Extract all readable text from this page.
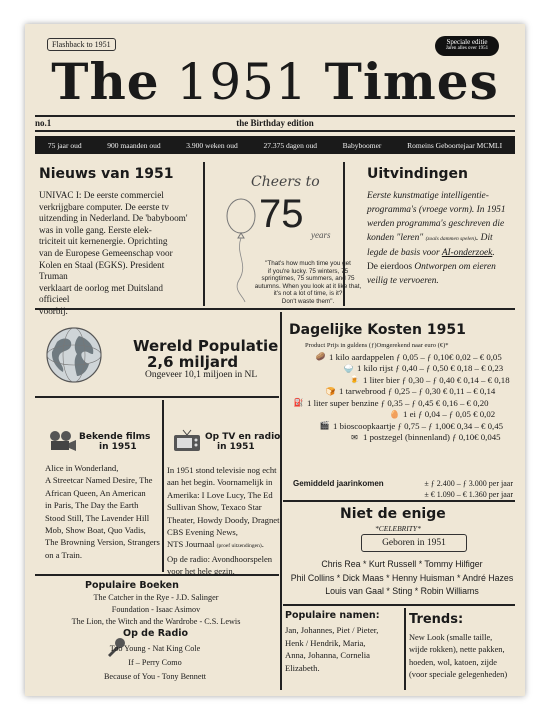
Flashback to 1951	Speciale editie
Jaren alles over 1951
The 1951 Times
no.1	the Birthday edition
75 jaar oud	900 maanden oud	3.900 weken oud	27.375 dagen oud	Babyboomer	Romeins Geboortejaar MCMLI
Nieuws van 1951
UNIVAC I: De eerste commerciel
verkrijgbare computer. De eerste tv
uitzending in Nederland. De 'babyboom'
was in volle gang. Eerste elek-
triciteit uit kernenergie. Oprichting
van de Europese Gemeenschap voor
Kolen en Staal (EGKS). President Truman
verklaart de oorlog met Duitsland officieel
voorbij.
Cheers to
75 years
"That's how much time you get
if you're lucky. 75 winters, 75
springtimes, 75 summers, and 75
autumns. When you look at it like that,
it's not a lot of time, is it?
Don't waste them".
Uitvindingen
Eerste kunstmatige intelligentie-
programma's (vroege vorm). In 1951
werden programma's geschreven die
konden "leren" (zoals dammen spelen). Dit
legde de basis voor AI-onderzoek.
De eierdoos Ontworpen om eieren
veilig te vervoeren.
Wereld Populatie
2,6 miljard
Ongeveer 10,1 miljoen in NL
Dagelijke Kosten 1951
Product Prijs in guldens (ƒ)Omgerekend naar euro (€)*
🥔 1 kilo aardappelen ƒ 0,05 – ƒ 0,10€ 0,02 – € 0,05
🍚 1 kilo rijst ƒ 0,40 – ƒ 0,50 € 0,18 – € 0,23
🍺 1 liter bier ƒ 0,30 – ƒ 0,40 € 0,14 – € 0,18
🍞 1 tarwebrood ƒ 0,25 – ƒ 0,30 € 0,11 – € 0,14
⛽ 1 liter super benzine ƒ 0,35 – ƒ 0,45 € 0,16 – € 0,20
🥚 1 ei ƒ 0,04 – ƒ 0,05 € 0,02
🎬 1 bioscoopkaartje ƒ 0,75 – ƒ 1,00€ 0,34 – € 0,45
✉ 1 postzegel (binnenland) ƒ 0,10€ 0,045
Gemiddeld jaarinkomen	± ƒ 2.400 – ƒ 3.000 per jaar
± € 1.090 – € 1.360 per jaar
Bekende films
in 1951
Alice in Wonderland,
A Streetcar Named Desire, The
African Queen, An American
in Paris, The Day the Earth
Stood Still, The Lavender Hill
Mob, Show Boat, Quo Vadis,
The Browning Version, Strangers
on a Train.
Op TV en radio
in 1951
In 1951 stond televisie nog echt
aan het begin. Voornamelijk in
Amerika: I Love Lucy, The Ed
Sullivan Show, Texaco Star
Theater, Howdy Doody, Dragnet
CBS Evening News,
NTS Journaal (proef uitzendingen).
Op de radio: Avondhoorspelen
voor het hele gezin.
Niet de enige
*CELEBRITY*
Geboren in 1951
Chris Rea * Kurt Russell * Tommy Hilfiger
Phil Collins * Dick Maas * Henny Huisman * André Hazes
Louis van Gaal * Sting * Robin Williams
Populaire Boeken
The Catcher in the Rye - J.D. Salinger
Foundation - Isaac Asimov
The Lion, the Witch and the Wardrobe - C.S. Lewis
Op de Radio
Too Young - Nat King Cole
If – Perry Como
Because of You - Tony Bennett
Populaire namen:
Jan, Johannes, Piet / Pieter,
Henk / Hendrik, Maria,
Anna, Johanna, Cornelia
Elizabeth.
Trends:
New Look (smalle taille,
wijde rokken), nette pakken,
hoeden, wol, katoen, zijde
(voor speciale gelegenheden)
